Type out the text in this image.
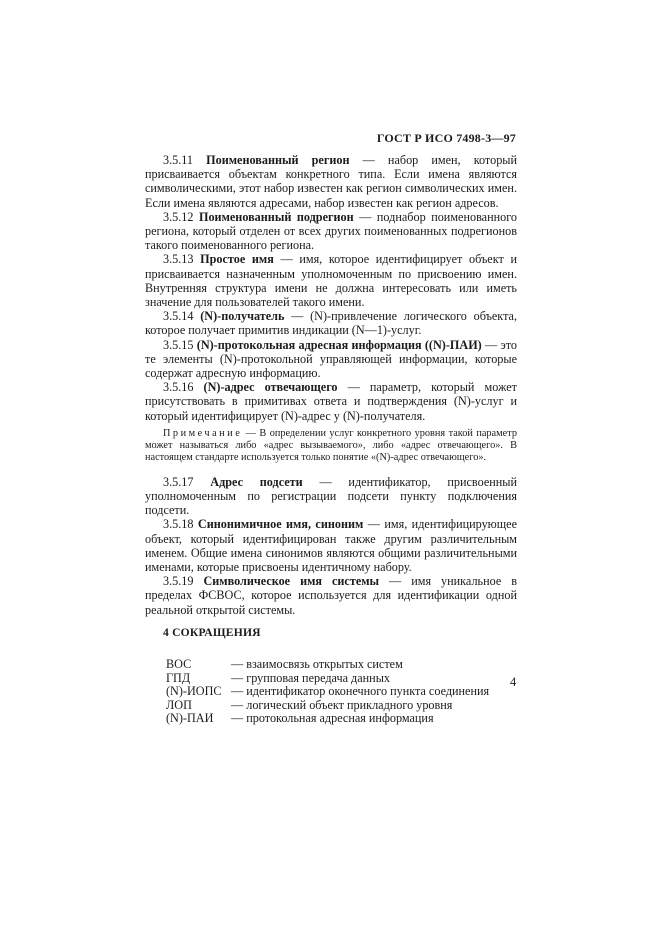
ГОСТ Р ИСО 7498-3—97

3.5.11 Поименованный регион — набор имен, который присваивается объектам конкретного типа. Если имена являются символическими, этот набор известен как регион символических имен. Если имена являются адресами, набор известен как регион адресов.

3.5.12 Поименованный подрегион — поднабор поименованного региона, который отделен от всех других поименованных подрегионов такого поименованного региона.

3.5.13 Простое имя — имя, которое идентифицирует объект и присваивается назначенным уполномоченным по присвоению имен. Внутренняя структура имени не должна интересовать или иметь значение для пользователей такого имени.

3.5.14 (N)-получатель — (N)-привлечение логического объекта, которое получает примитив индикации (N—1)-услуг.

3.5.15 (N)-протокольная адресная информация ((N)-ПАИ) — это те элементы (N)-протокольной управляющей информации, которые содержат адресную информацию.

3.5.16 (N)-адрес отвечающего — параметр, который может присутствовать в примитивах ответа и подтверждения (N)-услуг и который идентифицирует (N)-адрес у (N)-получателя.

Примечание — В определении услуг конкретного уровня такой параметр может называться либо «адрес вызываемого», либо «адрес отвечающего». В настоящем стандарте используется только понятие «(N)-адрес отвечающего».

3.5.17 Адрес подсети — идентификатор, присвоенный уполномоченным по регистрации подсети пункту подключения подсети.

3.5.18 Синонимичное имя, синоним — имя, идентифицирующее объект, который идентифицирован также другим различительным именем. Общие имена синонимов являются общими различительными именами, которые присвоены идентичному набору.

3.5.19 Символическое имя системы — имя уникальное в пределах ФСВОС, которое используется для идентификации одной реальной открытой системы.

4 СОКРАЩЕНИЯ
ВОС	— взаимосвязь открытых систем
ГПД	— групповая передача данных
(N)-ИОПС	— идентификатор оконечного пункта соединения
ЛОП	— логический объект прикладного уровня
(N)-ПАИ	— протокольная адресная информация
4
